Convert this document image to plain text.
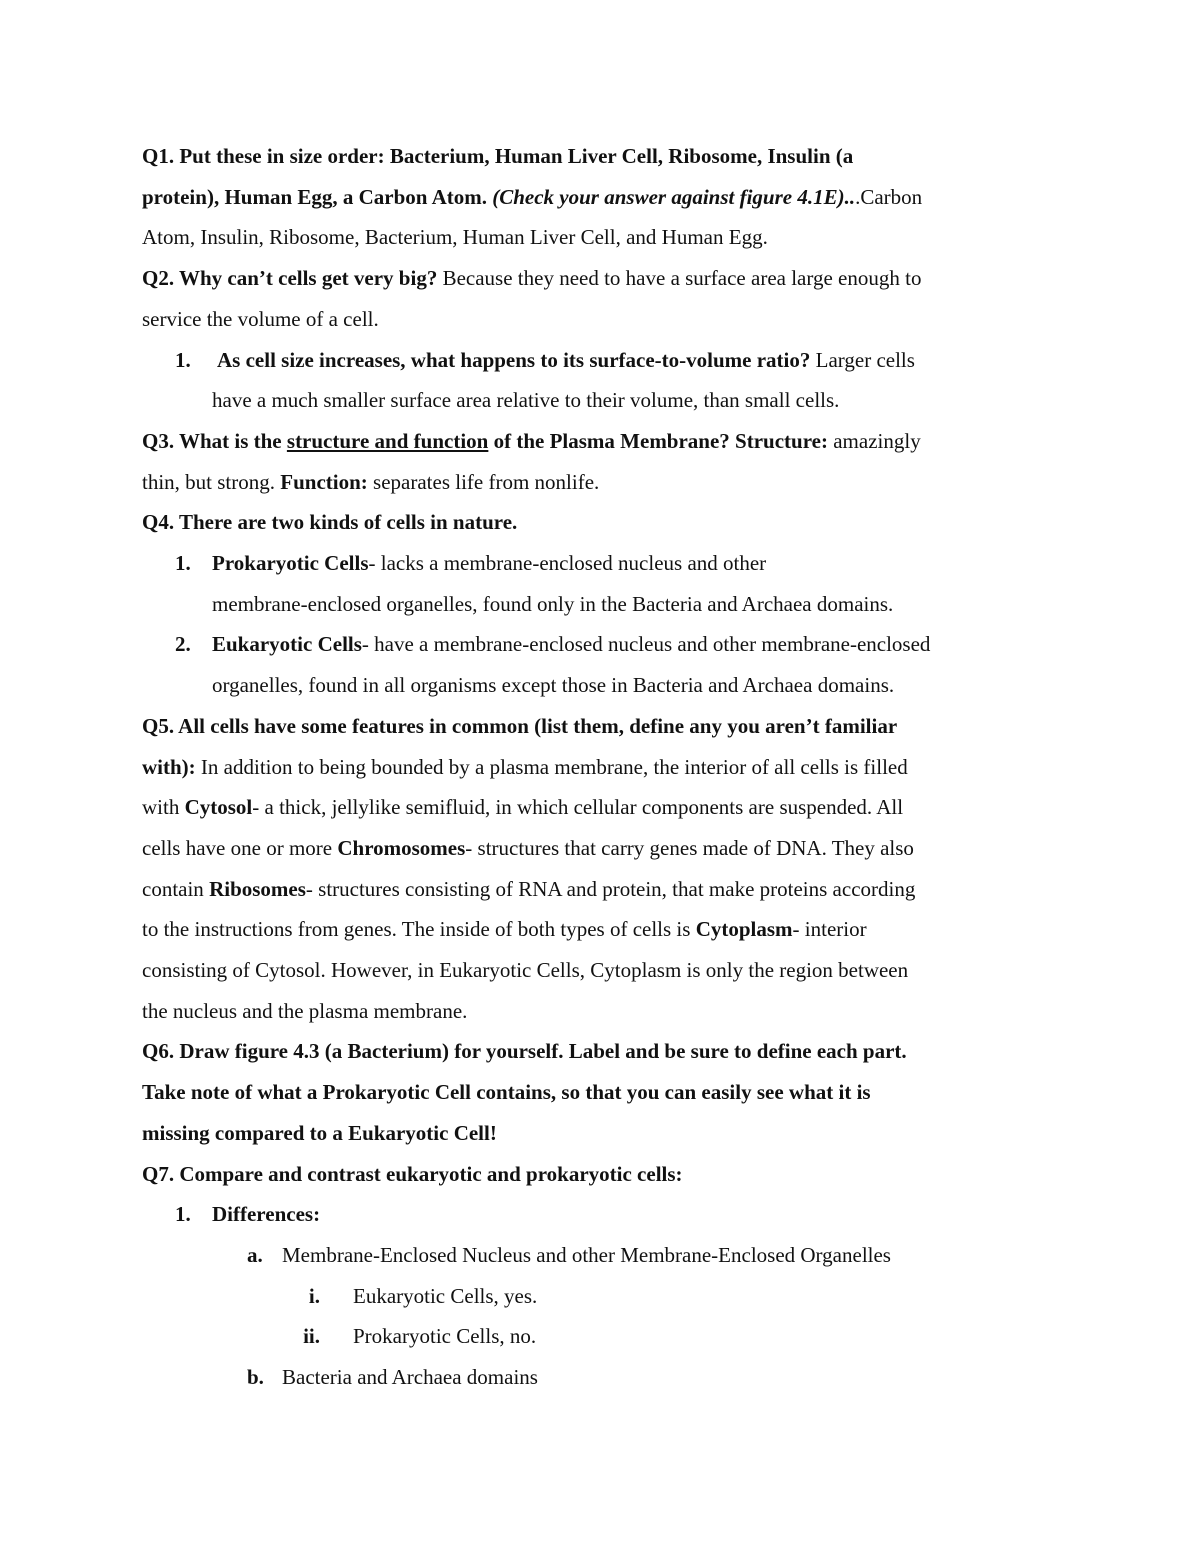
Q1. Put these in size order: Bacterium, Human Liver Cell, Ribosome, Insulin (a

protein), Human Egg, a Carbon Atom. (Check your answer against figure 4.1E)...Carbon

Atom, Insulin, Ribosome, Bacterium, Human Liver Cell, and Human Egg.

Q2. Why can’t cells get very big? Because they need to have a surface area large enough to

service the volume of a cell.

1. As cell size increases, what happens to its surface-to-volume ratio? Larger cells

have a much smaller surface area relative to their volume, than small cells.

Q3. What is the structure and function of the Plasma Membrane? Structure: amazingly

thin, but strong. Function: separates life from nonlife.

Q4. There are two kinds of cells in nature.

1. Prokaryotic Cells- lacks a membrane-enclosed nucleus and other

membrane-enclosed organelles, found only in the Bacteria and Archaea domains.

2. Eukaryotic Cells- have a membrane-enclosed nucleus and other membrane-enclosed

organelles, found in all organisms except those in Bacteria and Archaea domains.

Q5. All cells have some features in common (list them, define any you aren’t familiar

with): In addition to being bounded by a plasma membrane, the interior of all cells is filled

with Cytosol- a thick, jellylike semifluid, in which cellular components are suspended. All

cells have one or more Chromosomes- structures that carry genes made of DNA. They also

contain Ribosomes- structures consisting of RNA and protein, that make proteins according

to the instructions from genes. The inside of both types of cells is Cytoplasm- interior

consisting of Cytosol. However, in Eukaryotic Cells, Cytoplasm is only the region between

the nucleus and the plasma membrane.

Q6. Draw figure 4.3 (a Bacterium) for yourself. Label and be sure to define each part.

Take note of what a Prokaryotic Cell contains, so that you can easily see what it is

missing compared to a Eukaryotic Cell!

Q7. Compare and contrast eukaryotic and prokaryotic cells:

1. Differences:

a. Membrane-Enclosed Nucleus and other Membrane-Enclosed Organelles

i. Eukaryotic Cells, yes.

ii. Prokaryotic Cells, no.

b. Bacteria and Archaea domains
